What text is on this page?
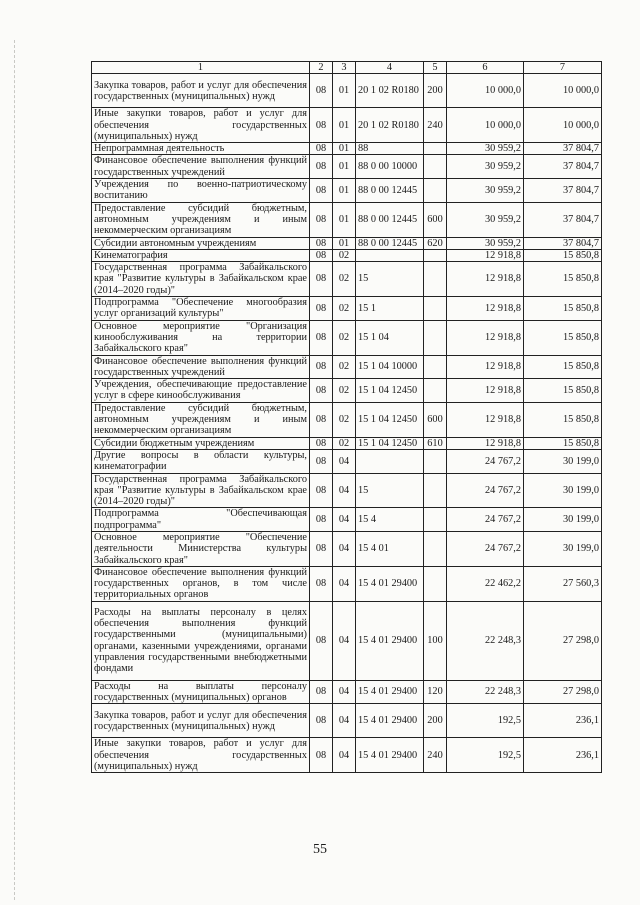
1	2	3	4	5	6	7
Закупка товаров, работ и услуг для обеспечения государственных (муниципальных) нужд	08	01	20 1 02 R0180	200	10 000,0	10 000,0
Иные закупки товаров, работ и услуг для обеспечения государственных (муниципальных) нужд	08	01	20 1 02 R0180	240	10 000,0	10 000,0
Непрограммная деятельность	08	01	88		30 959,2	37 804,7
Финансовое обеспечение выполнения функций государственных учреждений	08	01	88 0 00 10000		30 959,2	37 804,7
Учреждения по военно-патриотическому воспитанию	08	01	88 0 00 12445		30 959,2	37 804,7
Предоставление субсидий бюджетным, автономным учреждениям и иным некоммерческим организациям	08	01	88 0 00 12445	600	30 959,2	37 804,7
Субсидии автономным учреждениям	08	01	88 0 00 12445	620	30 959,2	37 804,7
Кинематография	08	02			12 918,8	15 850,8
Государственная программа Забайкальского края "Развитие культуры в Забайкальском крае (2014–2020 годы)"	08	02	15		12 918,8	15 850,8
Подпрограмма "Обеспечение многообразия услуг организаций культуры"	08	02	15 1		12 918,8	15 850,8
Основное мероприятие "Организация кинообслуживания на территории Забайкальского края"	08	02	15 1 04		12 918,8	15 850,8
Финансовое обеспечение выполнения функций государственных учреждений	08	02	15 1 04 10000		12 918,8	15 850,8
Учреждения, обеспечивающие предоставление услуг в сфере кинообслуживания	08	02	15 1 04 12450		12 918,8	15 850,8
Предоставление субсидий бюджетным, автономным учреждениям и иным некоммерческим организациям	08	02	15 1 04 12450	600	12 918,8	15 850,8
Субсидии бюджетным учреждениям	08	02	15 1 04 12450	610	12 918,8	15 850,8
Другие вопросы в области культуры, кинематографии	08	04			24 767,2	30 199,0
Государственная программа Забайкальского края "Развитие культуры в Забайкальском крае (2014–2020 годы)"	08	04	15		24 767,2	30 199,0
Подпрограмма "Обеспечивающая подпрограмма"	08	04	15 4		24 767,2	30 199,0
Основное мероприятие "Обеспечение деятельности Министерства культуры Забайкальского края"	08	04	15 4 01		24 767,2	30 199,0
Финансовое обеспечение выполнения функций государственных органов, в том числе территориальных органов	08	04	15 4 01 29400		22 462,2	27 560,3
Расходы на выплаты персоналу в целях обеспечения выполнения функций государственными (муниципальными) органами, казенными учреждениями, органами управления государственными внебюджетными фондами	08	04	15 4 01 29400	100	22 248,3	27 298,0
Расходы на выплаты персоналу государственных (муниципальных) органов	08	04	15 4 01 29400	120	22 248,3	27 298,0
Закупка товаров, работ и услуг для обеспечения государственных (муниципальных) нужд	08	04	15 4 01 29400	200	192,5	236,1
Иные закупки товаров, работ и услуг для обеспечения государственных (муниципальных) нужд	08	04	15 4 01 29400	240	192,5	236,1
55
